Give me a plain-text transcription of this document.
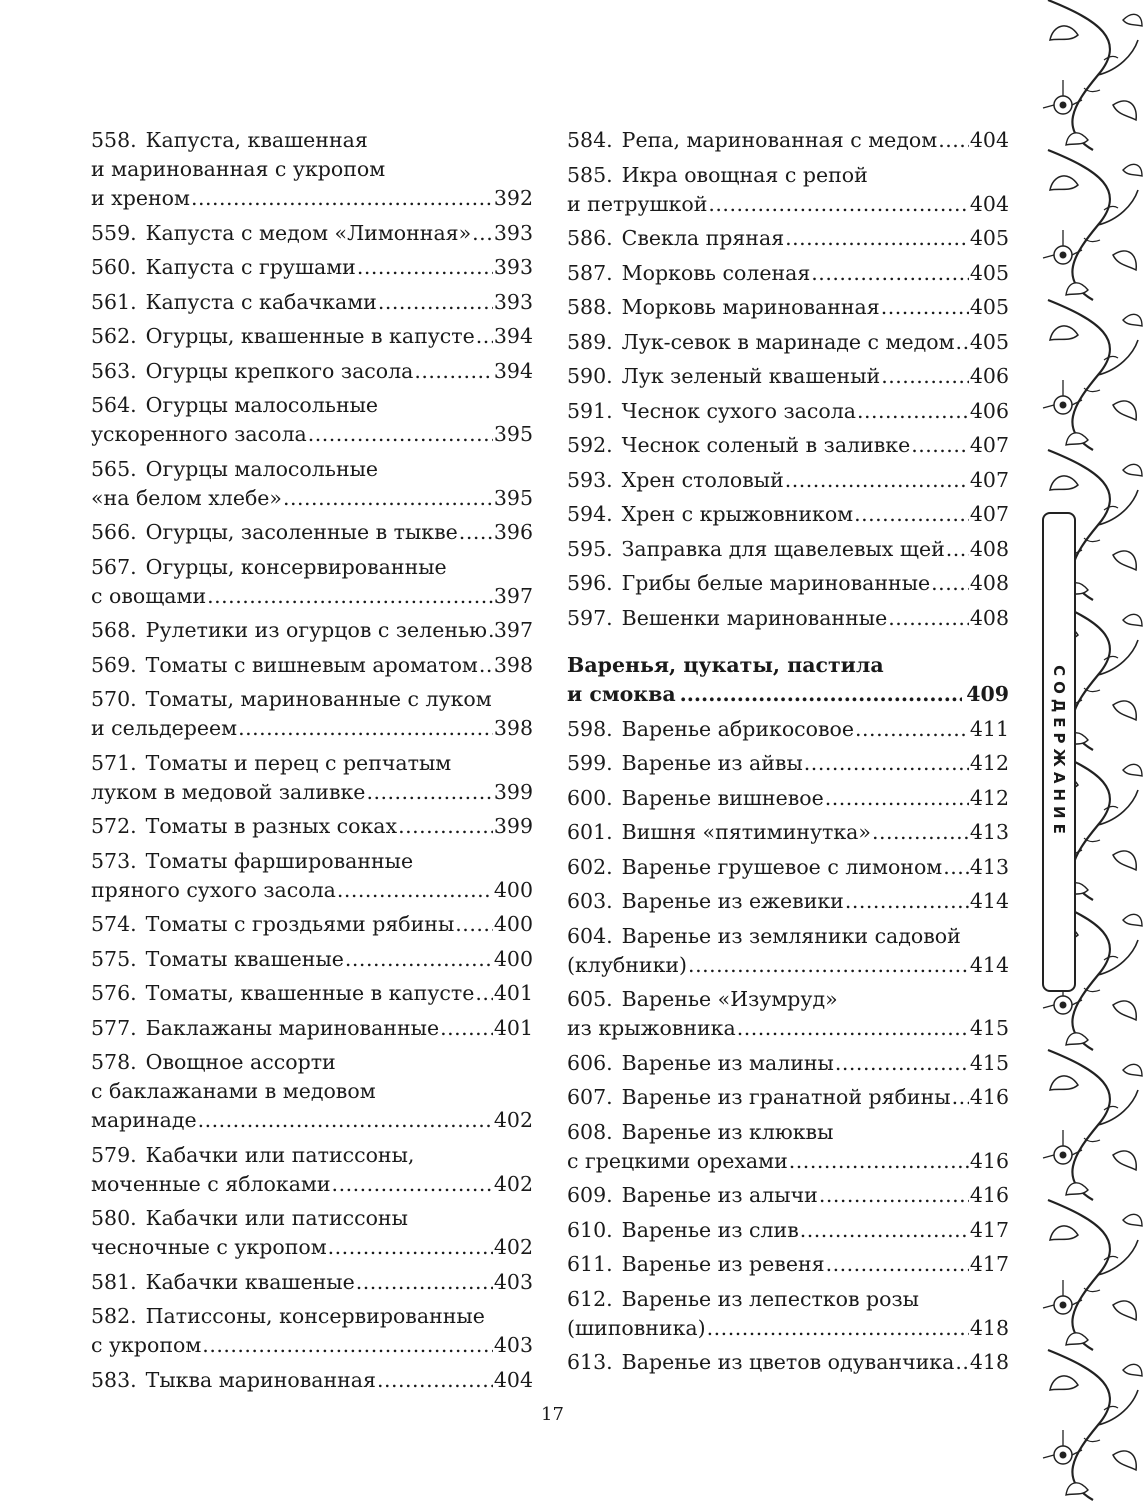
558. Капуста, квашенная
и маринованная с укропом
и хреном .....	392
559. Капуста с медом «Лимонная» ..... 393
560. Капуста с грушами .....	393
561. Капуста с кабачками .....	393
562. Огурцы, квашенные в капусте ..... 394
563. Огурцы крепкого засола .....	394
564. Огурцы малосольные
ускоренного засола .....	395
565. Огурцы малосольные
«на белом хлебе» .....	395
566. Огурцы, засоленные в тыкве ..... 396
567. Огурцы, консервированные
с овощами .....	397
568. Рулетики из огурцов с зеленью ..... 397
569. Томаты с вишневым ароматом ..... 398
570. Томаты, маринованные с луком
и сельдереем .....	398
571. Томаты и перец с репчатым
луком в медовой заливке .....	399
572. Томаты в разных соках .....	399
573. Томаты фаршированные
пряного сухого засола .....	400
574. Томаты с гроздьями рябины ..... 400
575. Томаты квашеные .....	400
576. Томаты, квашенные в капусте ..... 401
577. Баклажаны маринованные .....	401
578. Овощное ассорти
с баклажанами в медовом
маринаде .....	402
579. Кабачки или патиссоны,
моченные с яблоками .....	402
580. Кабачки или патиссоны
чесночные с укропом .....	402
581. Кабачки квашеные .....	403
582. Патиссоны, консервированные
с укропом .....	403
583. Тыква маринованная .....	404
584. Репа, маринованная с медом ..... 404
585. Икра овощная с репой
и петрушкой .....	404
586. Свекла пряная .....	405
587. Морковь соленая .....	405
588. Морковь маринованная .....	405
589. Лук-севок в маринаде с медом ..... 405
590. Лук зеленый квашеный .....	406
591. Чеснок сухого засола .....	406
592. Чеснок соленый в заливке .....	407
593. Хрен столовый .....	407
594. Хрен с крыжовником .....	407
595. Заправка для щавелевых щей ..... 408
596. Грибы белые маринованные ..... 408
597. Вешенки маринованные .....	408
Варенья, цукаты, пастила
и смоква .....	409
598. Варенье абрикосовое .....	411
599. Варенье из айвы .....	412
600. Варенье вишневое .....	412
601. Вишня «пятиминутка» .....	413
602. Варенье грушевое с лимоном ..... 413
603. Варенье из ежевики .....	414
604. Варенье из земляники садовой
(клубники) .....	414
605. Варенье «Изумруд»
из крыжовника .....	415
606. Варенье из малины .....	415
607. Варенье из гранатной рябины ..... 416
608. Варенье из клюквы
с грецкими орехами .....	416
609. Варенье из алычи .....	416
610. Варенье из слив .....	417
611. Варенье из ревеня .....	417
612. Варенье из лепестков розы
(шиповника) .....	418
613. Варенье из цветов одуванчика ..... 418
17
СОДЕРЖАНИЕ
